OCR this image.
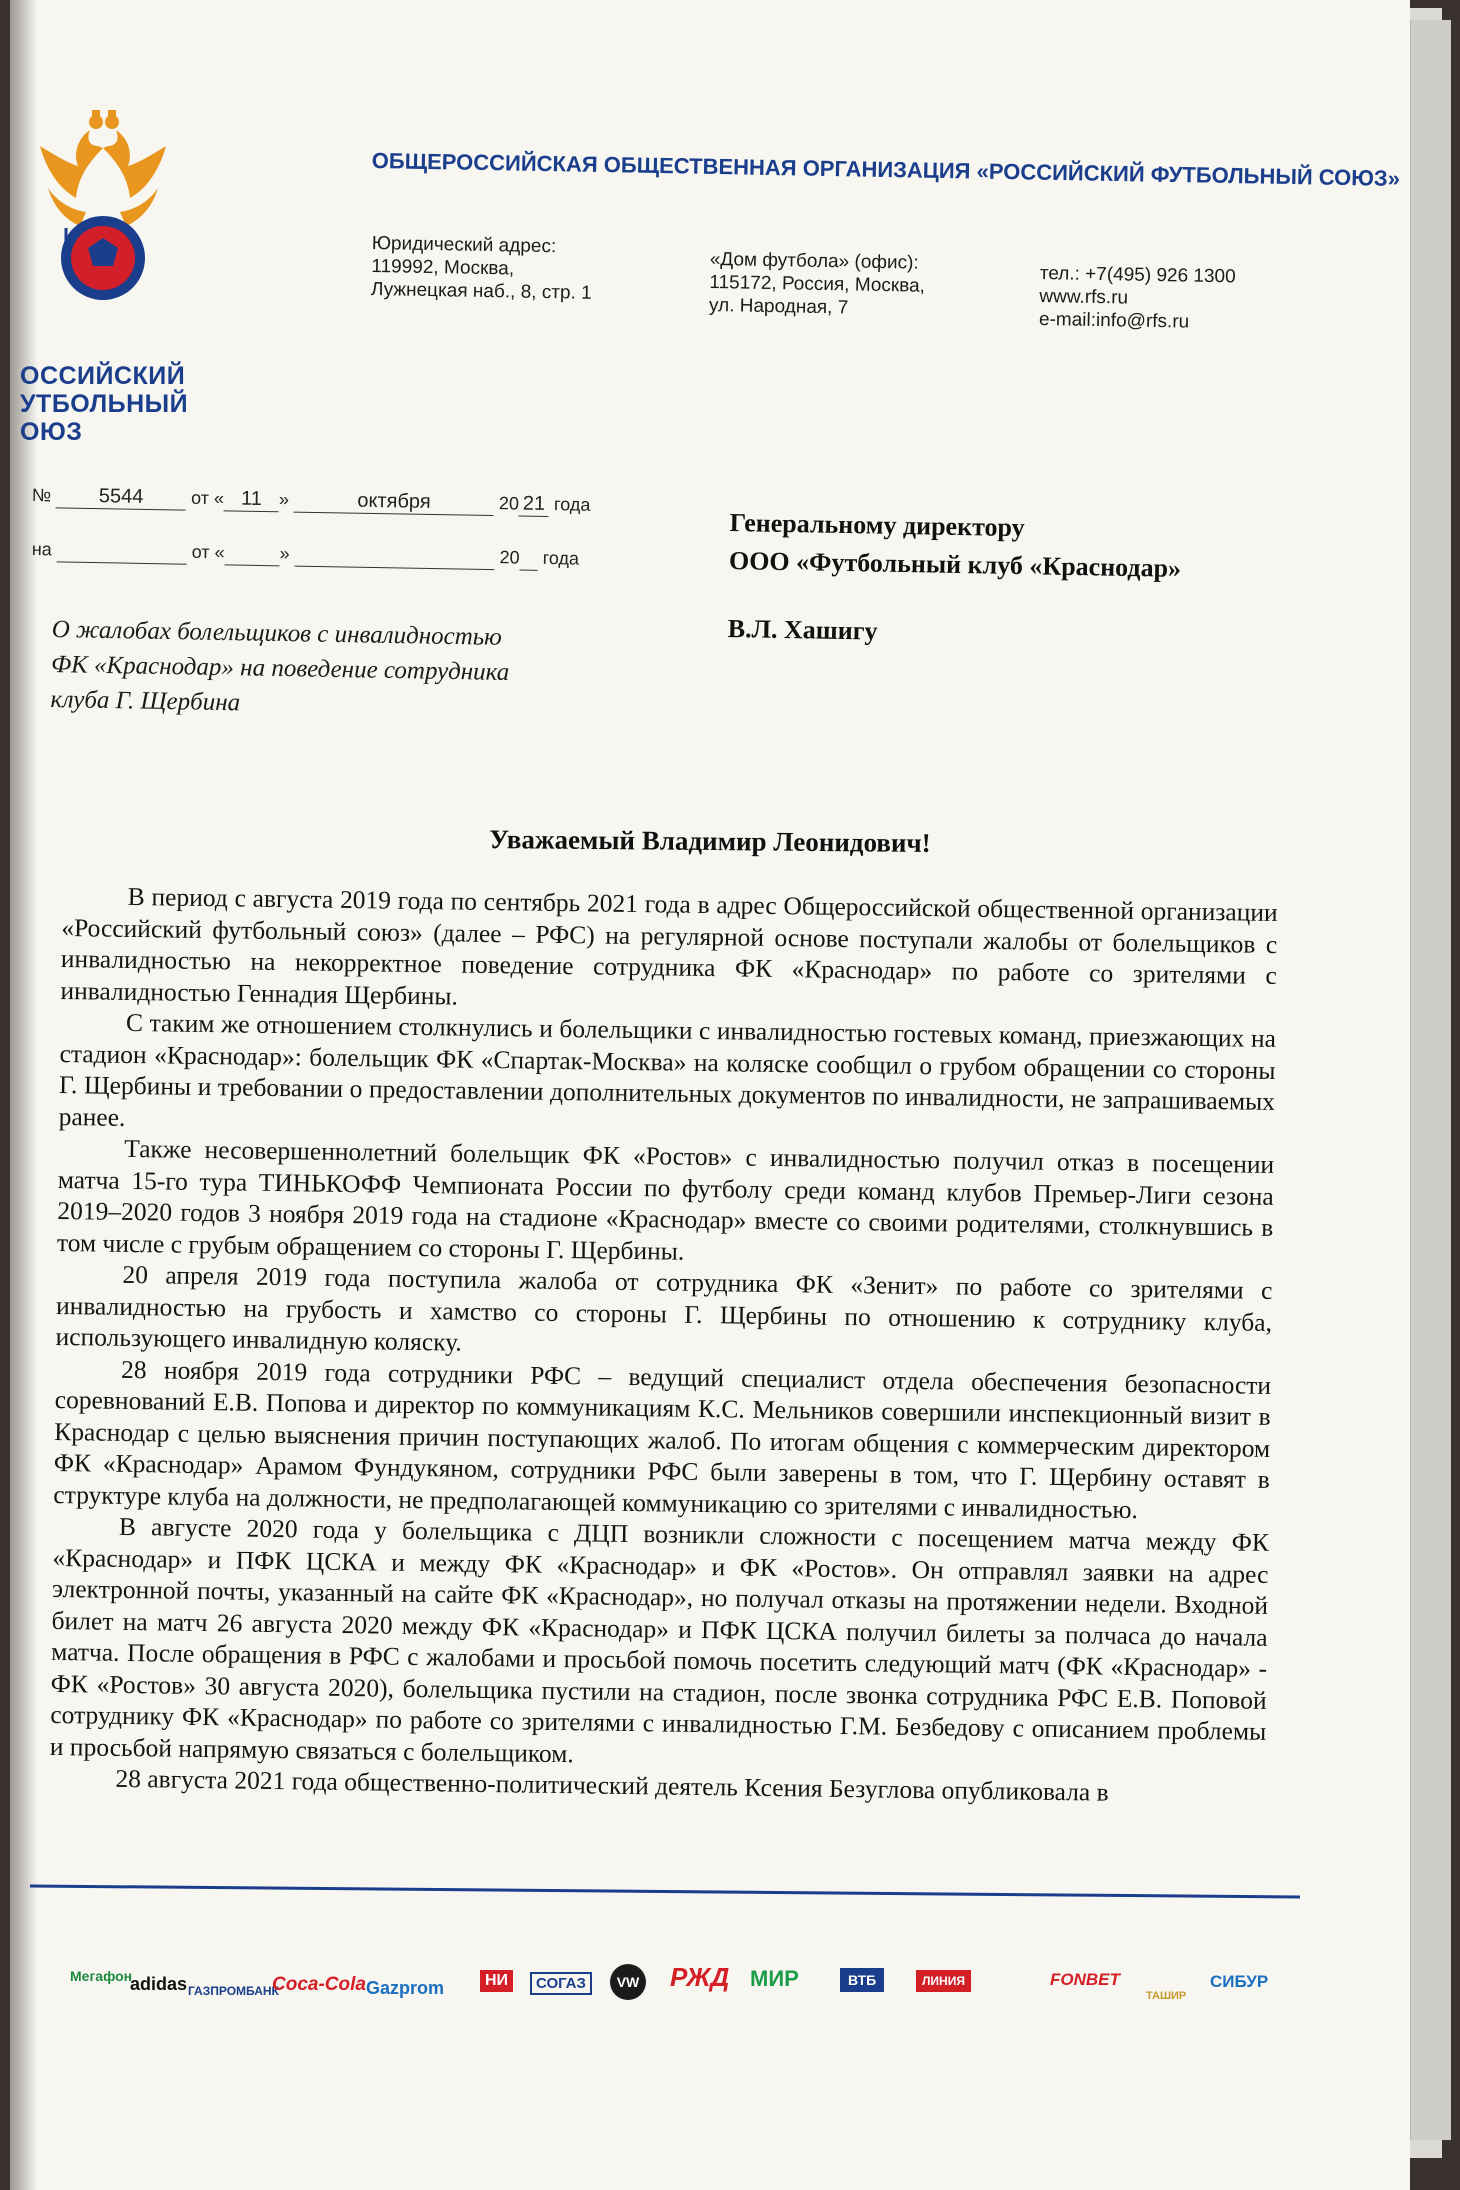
ОССИЙСКИЙ
УТБОЛЬНЫЙ
ОЮЗ
ОБЩЕРОССИЙСКАЯ ОБЩЕСТВЕННАЯ ОРГАНИЗАЦИЯ «РОССИЙСКИЙ ФУТБОЛЬНЫЙ СОЮЗ»
Юридический адрес:
119992, Москва,
Лужнецкая наб., 8, стр. 1
«Дом футбола» (офис):
115172, Россия, Москва,
ул. Народная, 7
тел.: +7(495) 926 1300
www.rfs.ru
e-mail:info@rfs.ru
№ 5544	от « 11 »	октября	20 21 года
на	от «	»	20 года
О жалобах болельщиков с инвалидностью
ФК «Краснодар» на поведение сотрудника
клуба Г. Щербина
Генеральному директору
ООО «Футбольный клуб «Краснодар»
В.Л. Хашигу
Уважаемый Владимир Леонидович!

В период с августа 2019 года по сентябрь 2021 года в адрес Общероссийской общественной организации «Российский футбольный союз» (далее – РФС) на регулярной основе поступали жалобы от болельщиков с инвалидностью на некорректное поведение сотрудника ФК «Краснодар» по работе со зрителями с инвалидностью Геннадия Щербины.

С таким же отношением столкнулись и болельщики с инвалидностью гостевых команд, приезжающих на стадион «Краснодар»: болельщик ФК «Спартак-Москва» на коляске сообщил о грубом обращении со стороны Г. Щербины и требовании о предоставлении дополнительных документов по инвалидности, не запрашиваемых ранее.

Также несовершеннолетний болельщик ФК «Ростов» с инвалидностью получил отказ в посещении матча 15-го тура ТИНЬКОФФ Чемпионата России по футболу среди команд клубов Премьер-Лиги сезона 2019–2020 годов 3 ноября 2019 года на стадионе «Краснодар» вместе со своими родителями, столкнувшись в том числе с грубым обращением со стороны Г. Щербины.

20 апреля 2019 года поступила жалоба от сотрудника ФК «Зенит» по работе со зрителями с инвалидностью на грубость и хамство со стороны Г. Щербины по отношению к сотруднику клуба, использующего инвалидную коляску.

28 ноября 2019 года сотрудники РФС – ведущий специалист отдела обеспечения безопасности соревнований Е.В. Попова и директор по коммуникациям К.С. Мельников совершили инспекционный визит в Краснодар с целью выяснения причин поступающих жалоб. По итогам общения с коммерческим директором ФК «Краснодар» Арамом Фундукяном, сотрудники РФС были заверены в том, что Г. Щербину оставят в структуре клуба на должности, не предполагающей коммуникацию со зрителями с инвалидностью.

В августе 2020 года у болельщика с ДЦП возникли сложности с посещением матча между ФК «Краснодар» и ПФК ЦСКА и между ФК «Краснодар» и ФК «Ростов». Он отправлял заявки на адрес электронной почты, указанный на сайте ФК «Краснодар», но получал отказы на протяжении недели. Входной билет на матч 26 августа 2020 между ФК «Краснодар» и ПФК ЦСКА получил билеты за полчаса до начала матча. После обращения в РФС с жалобами и просьбой помочь посетить следующий матч (ФК «Краснодар» - ФК «Ростов» 30 августа 2020), болельщика пустили на стадион, после звонка сотрудника РФС Е.В. Поповой сотруднику ФК «Краснодар» по работе со зрителями с инвалидностью Г.М. Безбедову с описанием проблемы и просьбой напрямую связаться с болельщиком.

28 августа 2021 года общественно-политический деятель Ксения Безуглова опубликовала в

Мегафон
adidas ГАЗПРОМБАНК
Coca-Cola Gazprom	НИ	СОГАЗ	VW РЖД МИР	ВТБ	ЛИНИЯ	FONBET
ТАШИР
СИБУР
